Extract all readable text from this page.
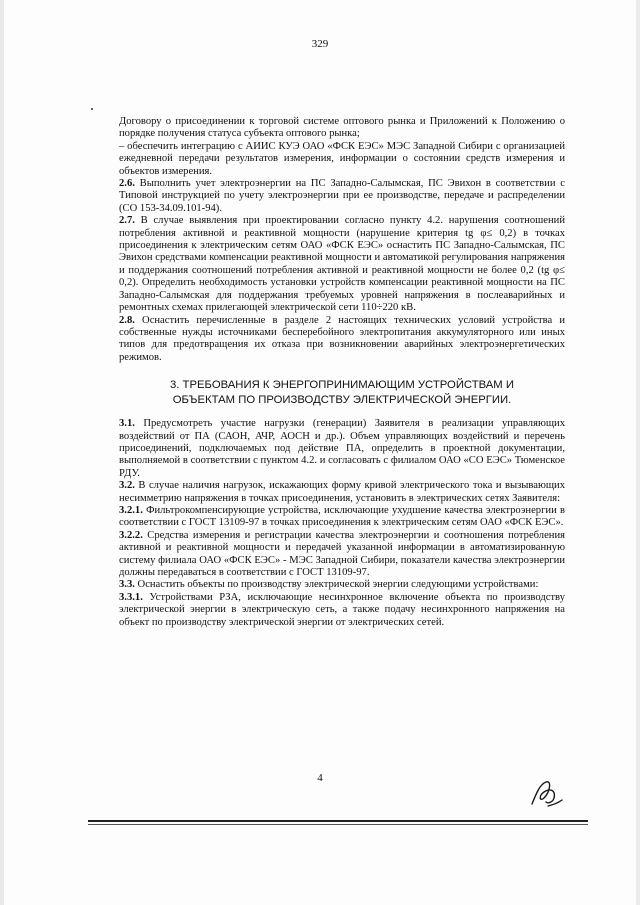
329

Договору о присоединении к торговой системе оптового рынка и Приложений к Положению о порядке получения статуса субъекта оптового рынка;

– обеспечить интеграцию с АИИС КУЭ ОАО «ФСК ЕЭС» МЭС Западной Сибири с организацией ежедневной передачи результатов измерения, информации о состоянии средств измерения и объектов измерения.

2.6. Выполнить учет электроэнергии на ПС Западно-Салымская, ПС Эвихон в соответствии с Типовой инструкцией по учету электроэнергии при ее производстве, передаче и распределении (СО 153-34.09.101-94).

2.7. В случае выявления при проектировании согласно пункту 4.2. нарушения соотношений потребления активной и реактивной мощности (нарушение критерия tg φ≤ 0,2) в точках присоединения к электрическим сетям ОАО «ФСК ЕЭС» оснастить ПС Западно-Салымская, ПС Эвихон средствами компенсации реактивной мощности и автоматикой регулирования напряжения и поддержания соотношений потребления активной и реактивной мощности не более 0,2 (tg φ≤ 0,2). Определить необходимость установки устройств компенсации реактивной мощности на ПС Западно-Салымская для поддержания требуемых уровней напряжения в послеаварийных и ремонтных схемах прилегающей электрической сети 110÷220 кВ.

2.8. Оснастить перечисленные в разделе 2 настоящих технических условий устройства и собственные нужды источниками бесперебойного электропитания аккумуляторного или иных типов для предотвращения их отказа при возникновении аварийных электроэнергетических режимов.

3. ТРЕБОВАНИЯ К ЭНЕРГОПРИНИМАЮЩИМ УСТРОЙСТВАМ И
ОБЪЕКТАМ ПО ПРОИЗВОДСТВУ ЭЛЕКТРИЧЕСКОЙ ЭНЕРГИИ.

3.1. Предусмотреть участие нагрузки (генерации) Заявителя в реализации управляющих воздействий от ПА (САОН, АЧР, АОСН и др.). Объем управляющих воздействий и перечень присоединений, подключаемых под действие ПА, определить в проектной документации, выполняемой в соответствии с пунктом 4.2. и согласовать с филиалом ОАО «СО ЕЭС» Тюменское РДУ.

3.2. В случае наличия нагрузок, искажающих форму кривой электрического тока и вызывающих несимметрию напряжения в точках присоединения, установить в электрических сетях Заявителя:

3.2.1. Фильтрокомпенсирующие устройства, исключающие ухудшение качества электроэнергии в соответствии с ГОСТ 13109-97 в точках присоединения к электрическим сетям ОАО «ФСК ЕЭС».

3.2.2. Средства измерения и регистрации качества электроэнергии и соотношения потребления активной и реактивной мощности и передачей указанной информации в автоматизированную систему филиала ОАО «ФСК ЕЭС» - МЭС Западной Сибири, показатели качества электроэнергии должны передаваться в соответствии с ГОСТ 13109-97.

3.3. Оснастить объекты по производству электрической энергии следующими устройствами:

3.3.1. Устройствами РЗА, исключающие несинхронное включение объекта по производству электрической энергии в электрическую сеть, а также подачу несинхронного напряжения на объект по производству электрической энергии от электрических сетей.

4
